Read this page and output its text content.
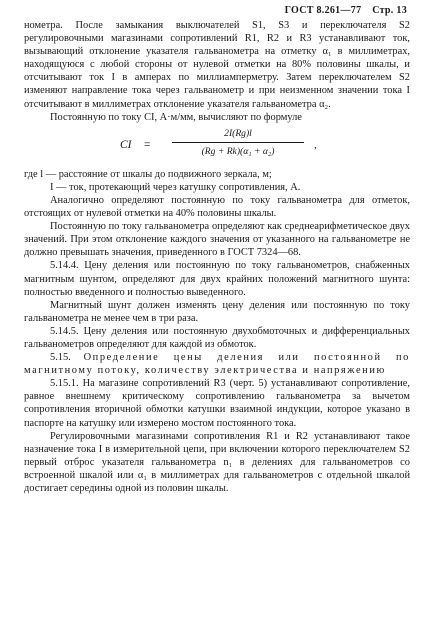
ГОСТ 8.261—77 Стр. 13

нометра. После замыкания выключателей S1, S3 и переключателя S2 регулировочными магазинами сопротивлений R1, R2 и R3 устанавливают ток, вызывающий отклонение указателя гальванометра на отметку α₁ в миллиметрах, находящуюся с любой стороны от нулевой отметки на 80% половины шкалы, и отсчитывают ток I в амперах по миллиамперметру. Затем переключателем S2 изменяют направление тока через гальванометр и при неизменном значении тока I отсчитывают в миллиметрах отклонение указателя гальванометра α₂.

Постоянную по току CI, А·м/мм, вычисляют по формуле

CI =
2I(Rg)l
(Rg + Rk)(α₁ + α₂)
,

где l — расстояние от шкалы до подвижного зеркала, м;

I — ток, протекающий через катушку сопротивления, А.

Аналогично определяют постоянную по току гальванометра для отметок, отстоящих от нулевой отметки на 40% половины шкалы.

Постоянную по току гальванометра определяют как среднеарифметическое двух значений. При этом отклонение каждого значения от указанного на гальванометре не должно превышать значения, приведенного в ГОСТ 7324—68.

5.14.4. Цену деления или постоянную по току гальванометров, снабженных магнитным шунтом, определяют для двух крайних положений магнитного шунта: полностью введенного и полностью выведенного.

Магнитный шунт должен изменять цену деления или постоянную по току гальванометра не менее чем в три раза.

5.14.5. Цену деления или постоянную двухобмоточных и дифференциальных гальванометров определяют для каждой из обмоток.

5.15. Определение цены деления или постоянной по магнитному потоку, количеству электричества и напряжению

5.15.1. На магазине сопротивлений R3 (черт. 5) устанавливают сопротивление, равное внешнему критическому сопротивлению гальванометра за вычетом сопротивления вторичной обмотки катушки взаимной индукции, которое указано в паспорте на катушку или измерено мостом постоянного тока.

Регулировочными магазинами сопротивления R1 и R2 устанавливают такое назначение тока I в измерительной цепи, при включении которого переключателем S2 первый отброс указателя гальванометра n₁ в делениях для гальванометров со встроенной шкалой или α₁ в миллиметрах для гальванометров с отдельной шкалой достигает середины одной из половин шкалы.
